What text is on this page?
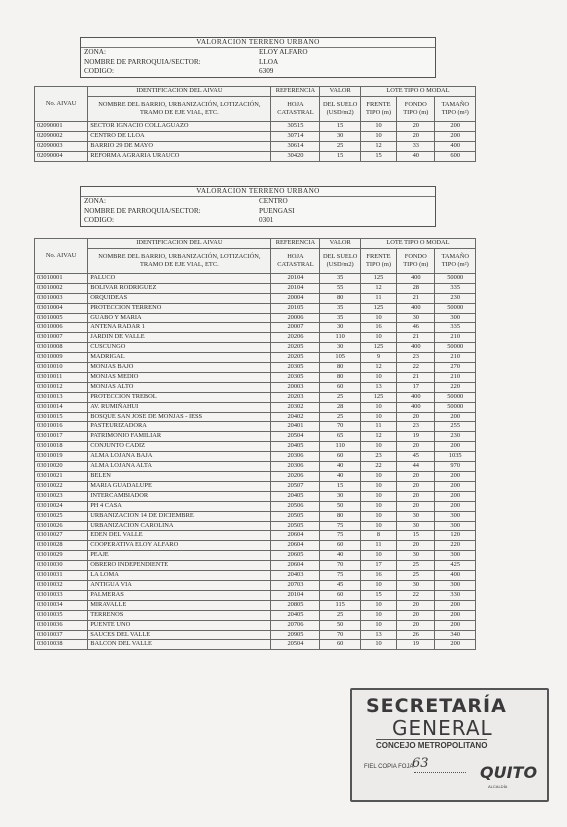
VALORACION TERRENO URBANO
ZONA:	ELOY ALFARO
NOMBRE DE PARROQUIA/SECTOR:	LLOA
CODIGO:	6309
No. AIVAU	IDENTIFICACION DEL AIVAU	REFERENCIA	VALOR	LOTE TIPO O MODAL		
	NOMBRE DEL BARRIO, URBANIZACIÓN, LOTIZACIÓN, TRAMO DE EJE VIAL, ETC.	HOJA CATASTRAL	DEL SUELO (USD/m2)	FRENTE TIPO (m)	FONDO TIPO (m)	TAMAÑO TIPO (m²)
02090001	SECTOR IGNACIO COLLAGUAZO	30515	15	10	20	200
02090002	CENTRO DE LLOA	30714	30	10	20	200
02090003	BARRIO 29 DE MAYO	30614	25	12	33	400
02090004	REFORMA AGRARIA URAUCO	30420	15	15	40	600
VALORACION TERRENO URBANO
ZONA:	CENTRO
NOMBRE DE PARROQUIA/SECTOR:	PUENGASI
CODIGO:	0301
No. AIVAU	IDENTIFICACION DEL AIVAU	REFERENCIA	VALOR	LOTE TIPO O MODAL		
	NOMBRE DEL BARRIO, URBANIZACIÓN, LOTIZACIÓN, TRAMO DE EJE VIAL, ETC.	HOJA CATASTRAL	DEL SUELO (USD/m2)	FRENTE TIPO (m)	FONDO TIPO (m)	TAMAÑO TIPO (m²)
03010001	PALUCO	20104	35	125	400	50000
03010002	BOLIVAR RODRIGUEZ	20104	55	12	28	335
03010003	ORQUIDEAS	20004	80	11	21	230
03010004	PROTECCION TERRENO	20105	35	125	400	50000
03010005	GUABO Y MARIA	20006	35	10	30	300
03010006	ANTENA RADAR 1	20007	30	16	46	335
03010007	JARDIN DE VALLE	20206	110	10	21	210
03010008	CUSCUNGO	20205	30	125	400	50000
03010009	MADRIGAL	20205	105	9	23	210
03010010	MONJAS BAJO	20305	80	12	22	270
03010011	MONJAS MEDIO	20305	80	10	21	210
03010012	MONJAS ALTO	20003	60	13	17	220
03010013	PROTECCION TREBOL	20203	25	125	400	50000
03010014	AV. RUMIÑAHUI	20302	28	10	400	50000
03010015	BOSQUE SAN JOSE DE MONJAS - IESS	20402	25	10	20	200
03010016	PASTEURIZADORA	20401	70	11	23	255
03010017	PATRIMONIO FAMILIAR	20504	65	12	19	230
03010018	CONJUNTO CADIZ	20405	110	10	20	200
03010019	ALMA LOJANA BAJA	20306	60	23	45	1035
03010020	ALMA LOJANA ALTA	20306	40	22	44	970
03010021	BELEN	20206	40	10	20	200
03010022	MARIA GUADALUPE	20507	15	10	20	200
03010023	INTERCAMBIADOR	20405	30	10	20	200
03010024	PH 4 CASA	20506	50	10	20	200
03010025	URBANIZACION 14 DE DICIEMBRE	20505	80	10	30	300
03010026	URBANIZACION CAROLINA	20505	75	10	30	300
03010027	EDEN DEL VALLE	20604	75	8	15	120
03010028	COOPERATIVA ELOY ALFARO	20604	60	11	20	220
03010029	PEAJE	20605	40	10	30	300
03010030	OBRERO INDEPENDIENTE	20604	70	17	25	425
03010031	LA LOMA	20403	75	16	25	400
03010032	ANTIGUA VIA	20703	45	10	30	300
03010033	PALMERAS	20104	60	15	22	330
03010034	MIRAVALLE	20805	115	10	20	200
03010035	TERRENOS	20405	25	10	20	200
03010036	PUENTE UNO	20706	50	10	20	200
03010037	SAUCES DEL VALLE	20905	70	13	26	340
03010038	BALCON DEL VALLE	20504	60	10	19	200
SECRETARÍA
GENERAL
CONCEJO METROPOLITANO
FIEL COPIA FOJA
63	QUITO
ALCALDÍA
